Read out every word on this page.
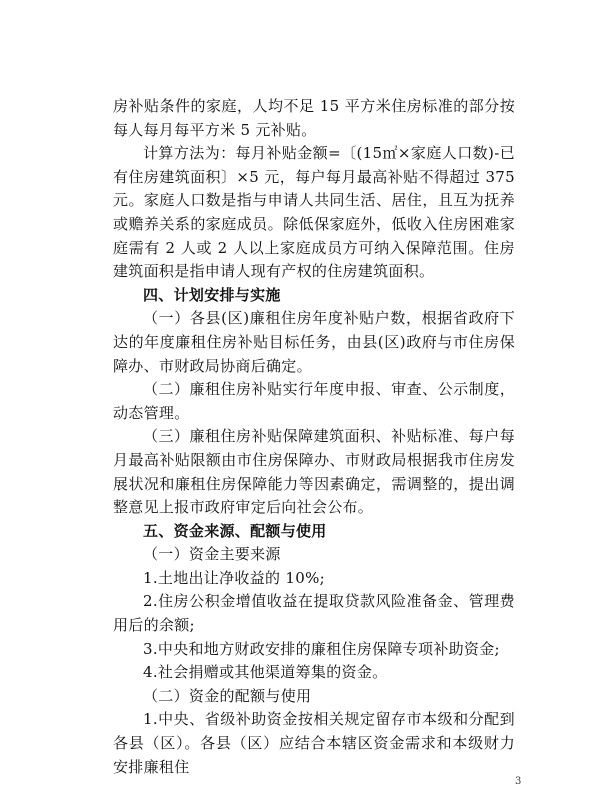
房补贴条件的家庭，人均不足 15 平方米住房标准的部分按每人每月每平方米 5 元补贴。

计算方法为：每月补贴金额=〔(15㎡×家庭人口数)-已有住房建筑面积〕×5 元，每户每月最高补贴不得超过 375 元。家庭人口数是指与申请人共同生活、居住，且互为抚养或赡养关系的家庭成员。除低保家庭外，低收入住房困难家庭需有 2 人或 2 人以上家庭成员方可纳入保障范围。住房建筑面积是指申请人现有产权的住房建筑面积。

四、计划安排与实施

（一）各县(区)廉租住房年度补贴户数，根据省政府下达的年度廉租住房补贴目标任务，由县(区)政府与市住房保障办、市财政局协商后确定。

（二）廉租住房补贴实行年度申报、审查、公示制度，动态管理。

（三）廉租住房补贴保障建筑面积、补贴标准、每户每月最高补贴限额由市住房保障办、市财政局根据我市住房发展状况和廉租住房保障能力等因素确定，需调整的，提出调整意见上报市政府审定后向社会公布。

五、资金来源、配额与使用

（一）资金主要来源

1.土地出让净收益的 10%;

2.住房公积金增值收益在提取贷款风险准备金、管理费用后的余额;

3.中央和地方财政安排的廉租住房保障专项补助资金;

4.社会捐赠或其他渠道筹集的资金。

（二）资金的配额与使用

1.中央、省级补助资金按相关规定留存市本级和分配到各县（区）。各县（区）应结合本辖区资金需求和本级财力安排廉租住

3
